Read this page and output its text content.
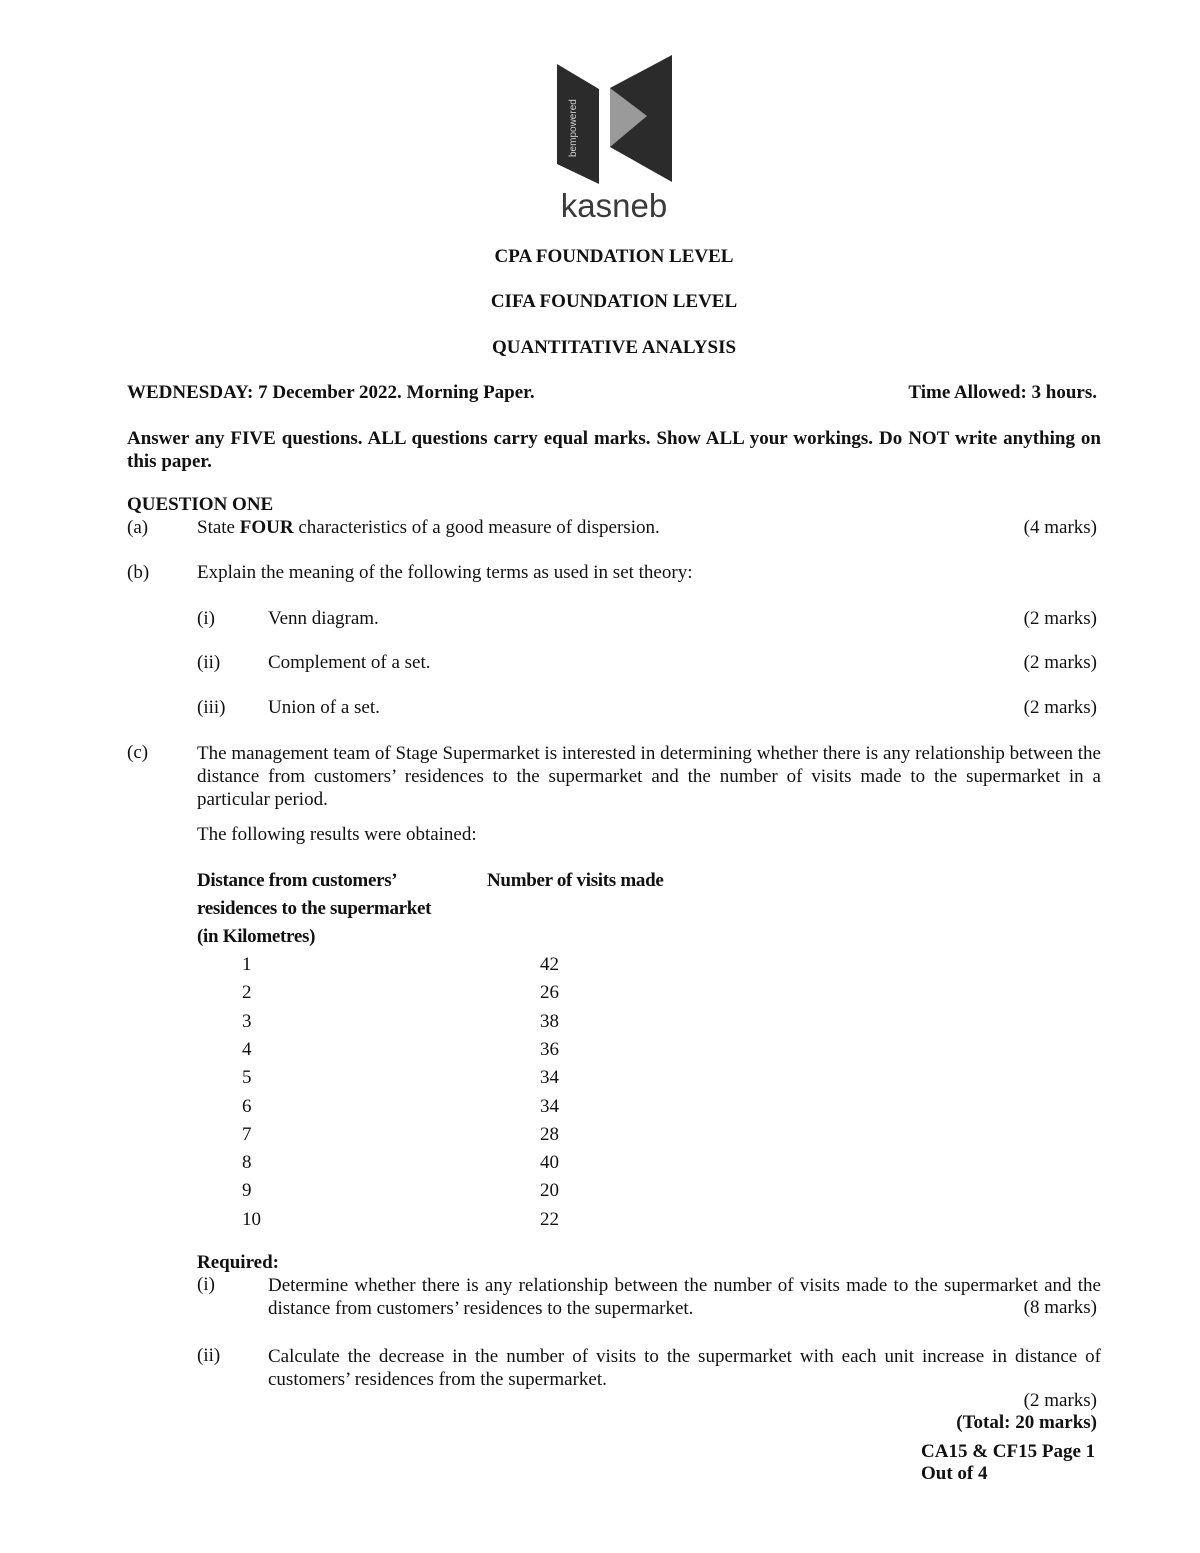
bempowered
kasneb
CPA FOUNDATION LEVEL
CIFA FOUNDATION LEVEL
QUANTITATIVE ANALYSIS
WEDNESDAY: 7 December 2022. Morning Paper.	Time Allowed: 3 hours.
Answer any FIVE questions. ALL questions carry equal marks. Show ALL your workings. Do NOT write anything on this paper.
QUESTION ONE
(a)	State FOUR characteristics of a good measure of dispersion.	(4 marks)
(b)	Explain the meaning of the following terms as used in set theory:
(i)	Venn diagram.	(2 marks)
(ii)	Complement of a set.	(2 marks)
(iii) Union of a set.	(2 marks)
(c)	The management team of Stage Supermarket is interested in determining whether there is any relationship between the distance from customers’ residences to the supermarket and the number of visits made to the supermarket in a particular period.
The following results were obtained:
Distance from customers’
residences to the supermarket
(in Kilometres)
Number of visits made
1	42
2	26
3	38
4	36
5	34
6	34
7	28
8	40
9	20
10	22
Required:
(i)	Determine whether there is any relationship between the number of visits made to the supermarket and the distance from customers’ residences to the supermarket.	(8 marks)
(ii)	Calculate the decrease in the number of visits to the supermarket with each unit increase in distance of customers’ residences from the supermarket.
(2 marks)
(Total: 20 marks)
CA15 & CF15 Page 1
Out of 4
